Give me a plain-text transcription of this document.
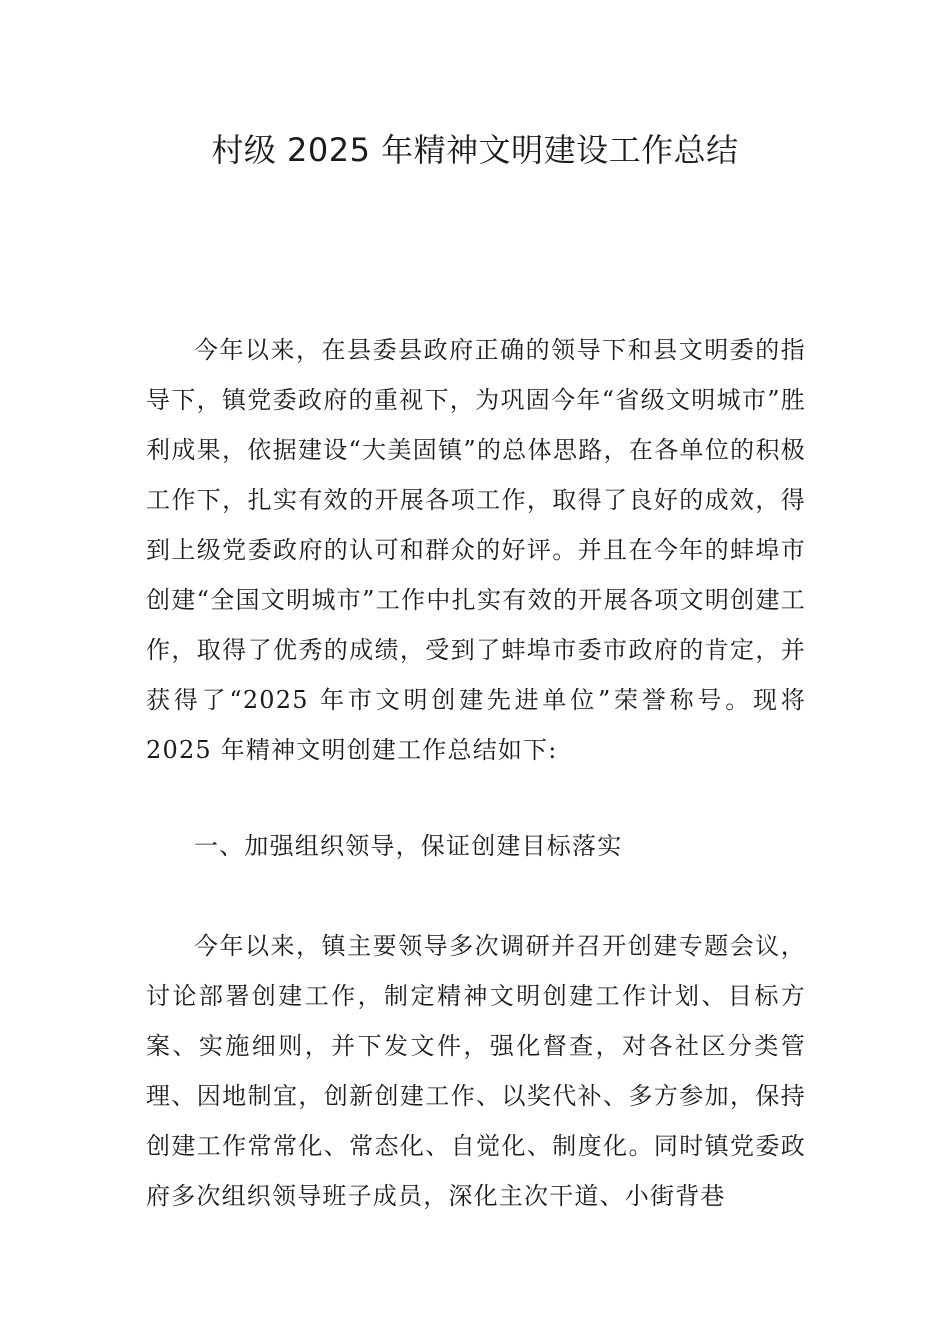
村级 2025 年精神文明建设工作总结

今年以来，在县委县政府正确的领导下和县文明委的指导下，镇党委政府的重视下，为巩固今年“省级文明城市”胜利成果，依据建设“大美固镇”的总体思路，在各单位的积极工作下，扎实有效的开展各项工作，取得了良好的成效，得到上级党委政府的认可和群众的好评。并且在今年的蚌埠市创建“全国文明城市”工作中扎实有效的开展各项文明创建工作，取得了优秀的成绩，受到了蚌埠市委市政府的肯定，并获得了“2025 年市文明创建先进单位”荣誉称号。现将 2025 年精神文明创建工作总结如下:

一、加强组织领导，保证创建目标落实

今年以来，镇主要领导多次调研并召开创建专题会议，讨论部署创建工作，制定精神文明创建工作计划、目标方案、实施细则，并下发文件，强化督查，对各社区分类管理、因地制宜，创新创建工作、以奖代补、多方参加，保持创建工作常常化、常态化、自觉化、制度化。同时镇党委政府多次组织领导班子成员，深化主次干道、小街背巷
